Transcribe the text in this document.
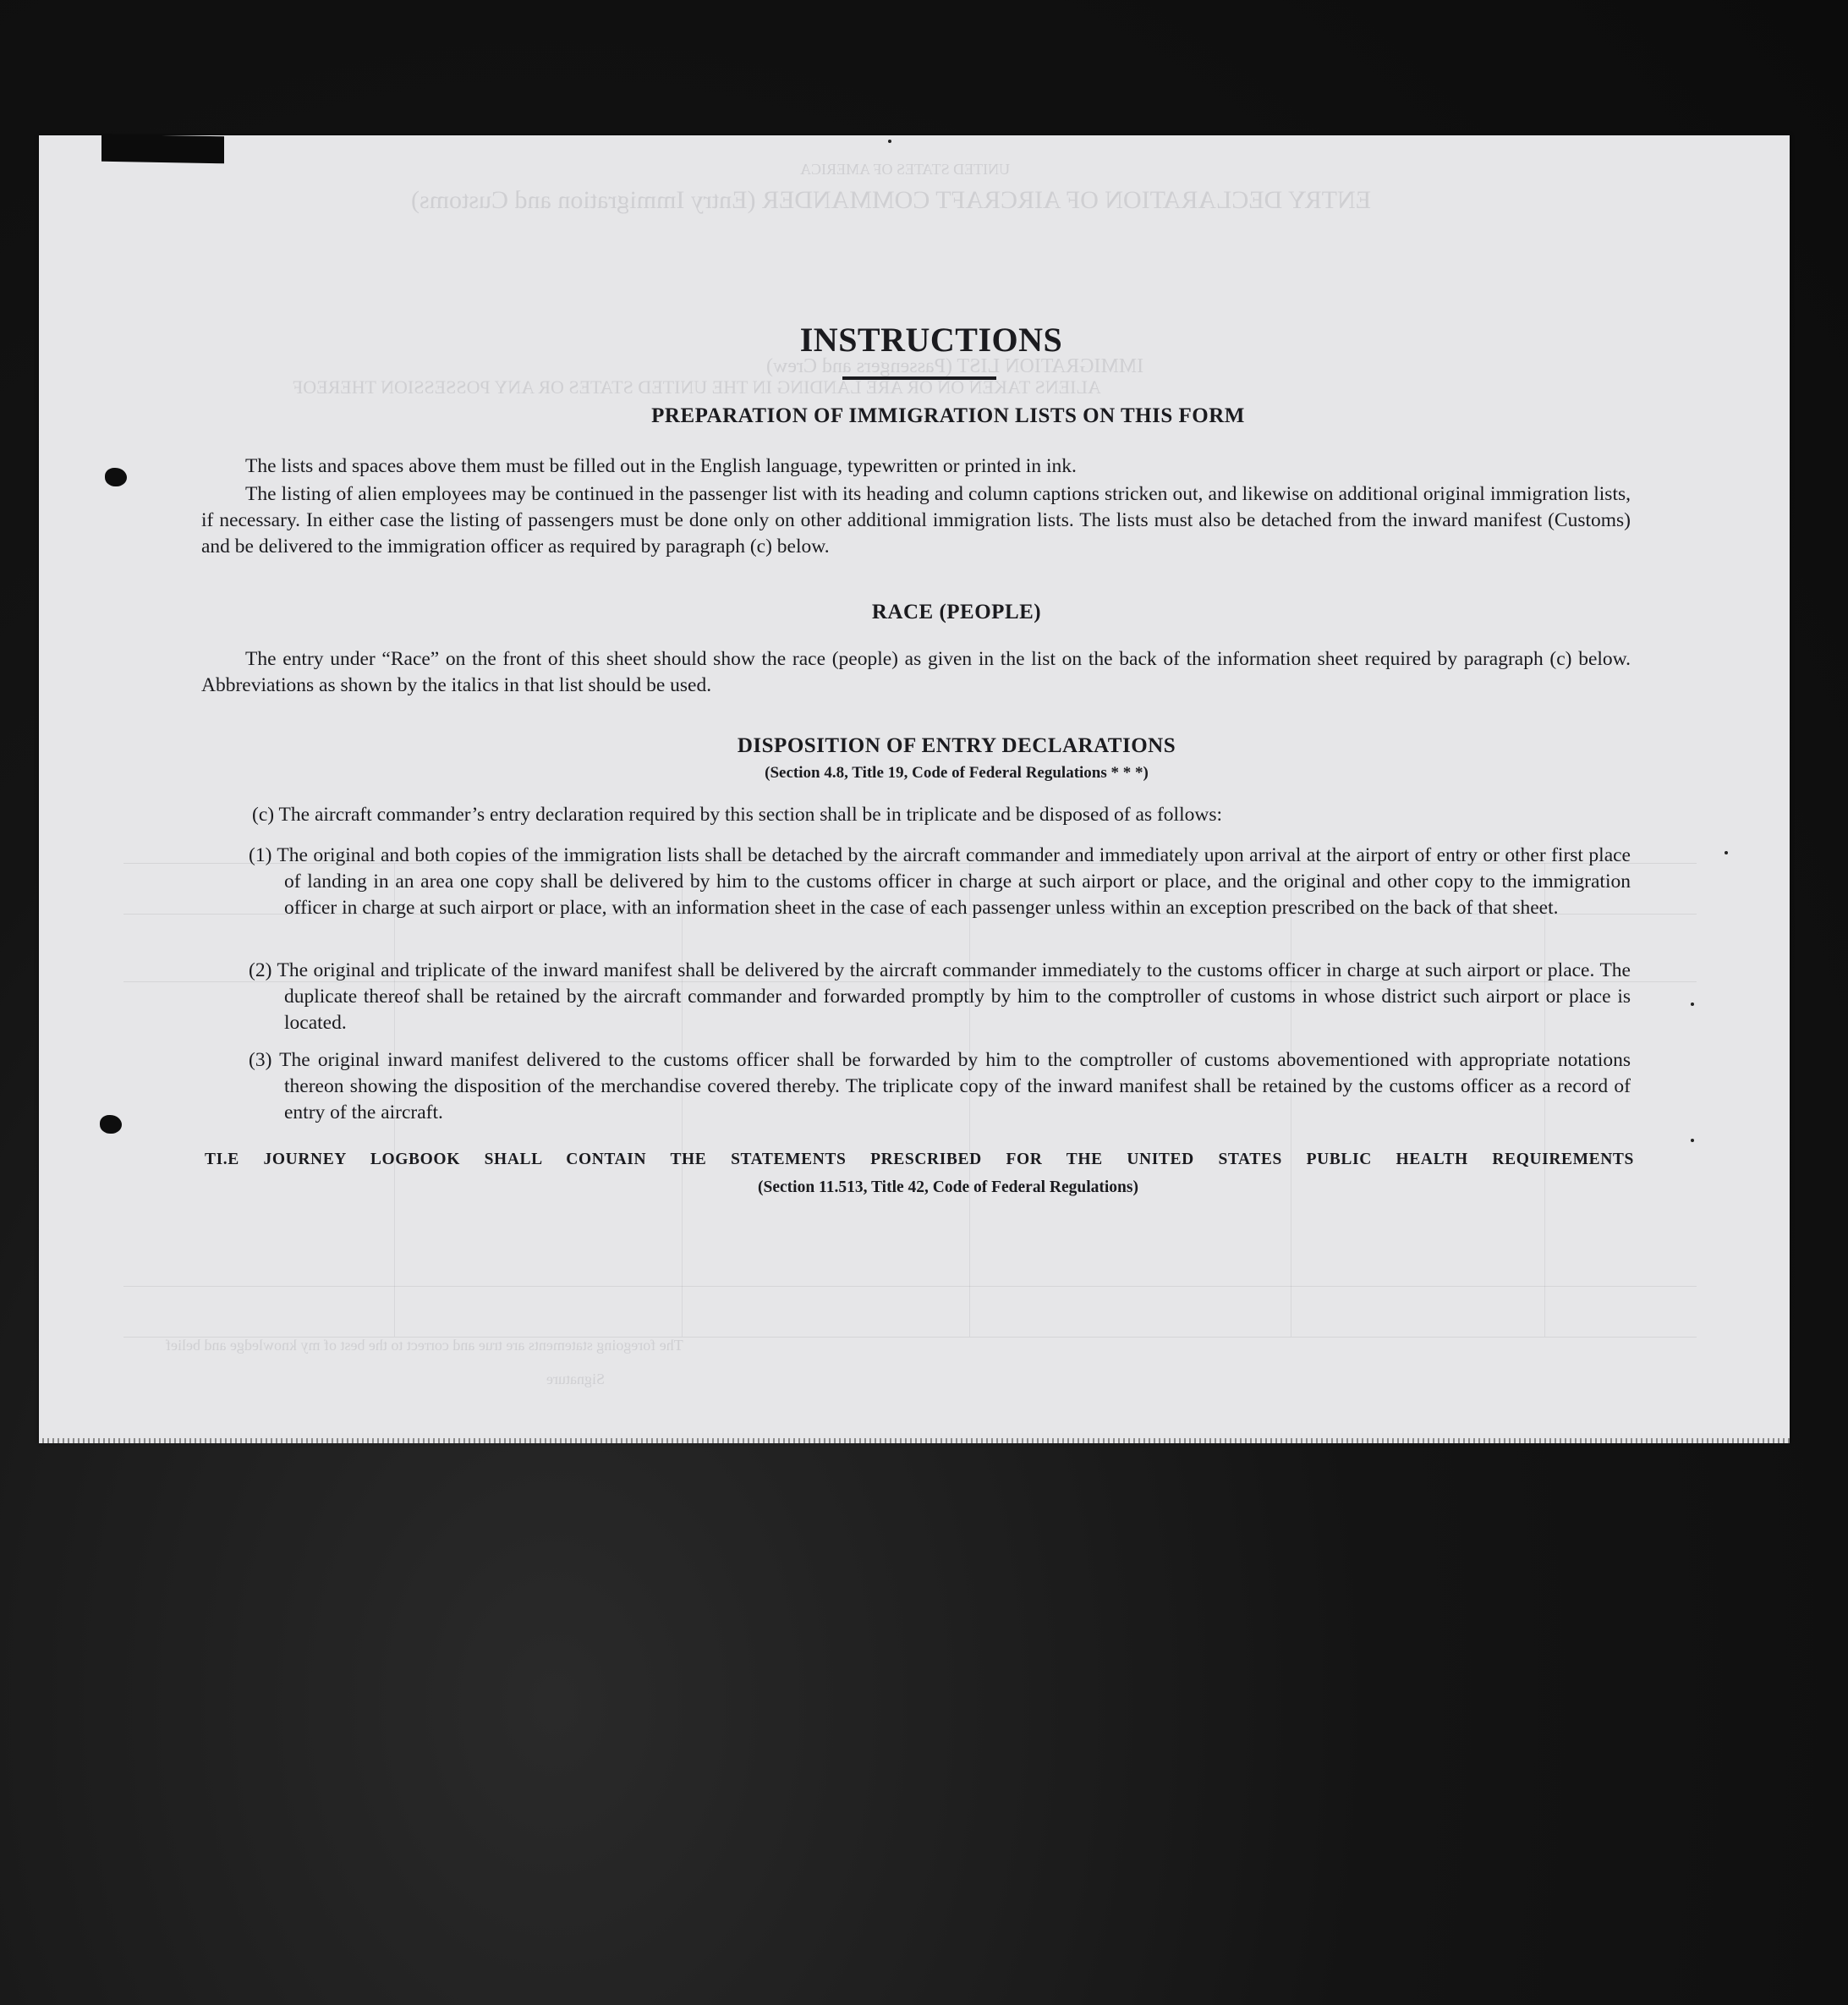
ENTRY DECLARATION OF AIRCRAFT COMMANDER (Entry Immigration and Customs)
UNITED STATES OF AMERICA
IMMIGRATION LIST (Passengers and Crew)
ALIENS TAKEN ON OR ARE LANDING IN THE UNITED STATES OR ANY POSSESSION THEREOF
The foregoing statements are true and correct to the best of my knowledge and belief
Signature
INSTRUCTIONS
PREPARATION OF IMMIGRATION LISTS ON THIS FORM
The lists and spaces above them must be filled out in the English language, typewritten or printed in ink.
The listing of alien employees may be continued in the passenger list with its heading and column captions stricken out, and likewise on additional original immigration lists, if necessary. In either case the listing of passengers must be done only on other additional immigration lists. The lists must also be detached from the inward manifest (Customs) and be delivered to the immigration officer as required by paragraph (c) below.
RACE (PEOPLE)
The entry under “Race” on the front of this sheet should show the race (people) as given in the list on the back of the information sheet required by paragraph (c) below. Abbreviations as shown by the italics in that list should be used.
DISPOSITION OF ENTRY DECLARATIONS
(Section 4.8, Title 19, Code of Federal Regulations * * *)
(c) The aircraft commander’s entry declaration required by this section shall be in triplicate and be disposed of as follows:
(1) The original and both copies of the immigration lists shall be detached by the aircraft commander and immediately upon arrival at the airport of entry or other first place of landing in an area one copy shall be delivered by him to the customs officer in charge at such airport or place, and the original and other copy to the immigration officer in charge at such airport or place, with an information sheet in the case of each passenger unless within an exception prescribed on the back of that sheet.
(2) The original and triplicate of the inward manifest shall be delivered by the aircraft commander immediately to the customs officer in charge at such airport or place. The duplicate thereof shall be retained by the aircraft commander and forwarded promptly by him to the comptroller of customs in whose district such airport or place is located.
(3) The original inward manifest delivered to the customs officer shall be forwarded by him to the comptroller of customs abovementioned with appropriate notations thereon showing the disposition of the merchandise covered thereby. The triplicate copy of the inward manifest shall be retained by the customs officer as a record of entry of the aircraft.
TI.E JOURNEY LOGBOOK SHALL CONTAIN THE STATEMENTS PRESCRIBED FOR THE UNITED STATES PUBLIC HEALTH REQUIREMENTS
(Section 11.513, Title 42, Code of Federal Regulations)
